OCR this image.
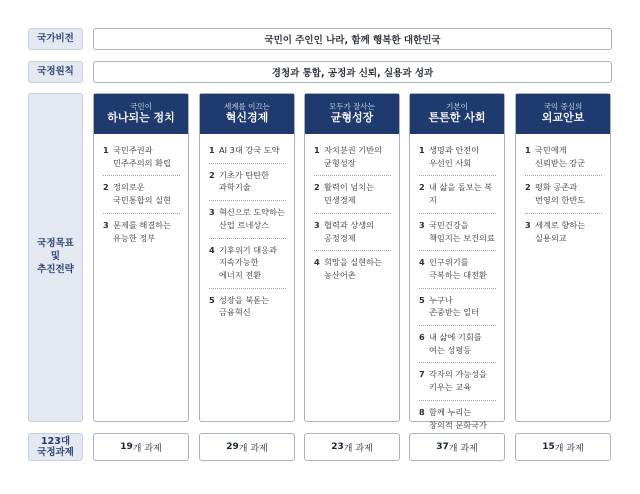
국가비전	국민이 주인인 나라, 함께 행복한 대한민국
국정원칙	경청과 통합, 공정과 신뢰, 실용과 성과
국정목표
및
추진전략
국민이
하나되는 정치
1 국민주권과
민주주의의 확립
2 정의로운
국민통합의 실현
3 문제를 해결하는
유능한 정부
세계를 이끄는
혁신경제
1 AI 3대 강국 도약
2 기초가 탄탄한
과학기술
3 혁신으로 도약하는
산업 르네상스
4 기후위기 대응과
지속가능한
에너지 전환
5 성장을 북돋는
금융혁신
모두가 잘사는
균형성장
1 자치분권 기반의
균형성장
2 활력이 넘치는
민생경제
3 협력과 상생의
공정경제
4 희망을 실현하는
농산어촌
기본이
튼튼한 사회
1 생명과 안전이
우선인 사회
2 내 삶을 돌보는 복지
3 국민건강을
책임지는 보건의료
4 인구위기를
극복하는 대전환
5 누구나
존중받는 일터
6 내 삶에 기회를
여는 성평등
7 각자의 가능성을
키우는 교육
8 함께 누리는
창의적 문화국가
국익 중심의
외교안보
1 국민에게
신뢰받는 강군
2 평화 공존과
번영의 한반도
3 세계로 향하는
실용외교
123대
국정과제	19 개 과제	29 개 과제	23 개 과제	37 개 과제	15 개 과제
